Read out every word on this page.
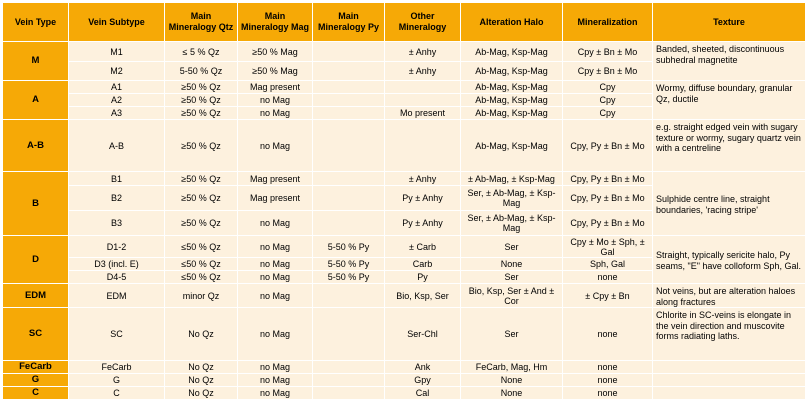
Vein Type	Vein Subtype	Main Mineralogy Qtz	Main Mineralogy Mag	Main Mineralogy Py	Other Mineralogy	Alteration Halo	Mineralization	Texture
M	M1	≤ 5 % Qz	≥50 % Mag		± Anhy	Ab-Mag, Ksp-Mag	Cpy ± Bn ± Mo	Banded, sheeted, discontinuous subhedral magnetite
	M2	5-50 % Qz	≥50 % Mag		± Anhy	Ab-Mag, Ksp-Mag	Cpy ± Bn ± Mo	
A	A1	≥50 % Qz	Mag present			Ab-Mag, Ksp-Mag	Cpy	Wormy, diffuse boundary, granular Qz, ductile
	A2	≥50 % Qz	no Mag			Ab-Mag, Ksp-Mag	Cpy	
	A3	≥50 % Qz	no Mag		Mo present	Ab-Mag, Ksp-Mag	Cpy	
A-B	A-B	≥50 % Qz	no Mag			Ab-Mag, Ksp-Mag	Cpy, Py ± Bn ± Mo	e.g. straight edged vein with sugary texture or wormy, sugary quartz vein with a centreline
B	B1	≥50 % Qz	Mag present		± Anhy	± Ab-Mag, ± Ksp-Mag	Cpy, Py ± Bn ± Mo	Sulphide centre line, straight boundaries, 'racing stripe'
	B2	≥50 % Qz	Mag present		Py ± Anhy	Ser, ± Ab-Mag, ± Ksp-Mag	Cpy, Py ± Bn ± Mo	
	B3	≥50 % Qz	no Mag		Py ± Anhy	Ser, ± Ab-Mag, ± Ksp-Mag	Cpy, Py ± Bn ± Mo	
D	D1-2	≤50 % Qz	no Mag	5-50 % Py	± Carb	Ser	Cpy ± Mo ± Sph, ± Gal	Straight, typically sericite halo, Py seams, "E" have colloform Sph, Gal.
	D3 (incl. E)	≤50 % Qz	no Mag	5-50 % Py	Carb	None	Sph, Gal	
	D4-5	≤50 % Qz	no Mag	5-50 % Py	Py	Ser	none	
EDM	EDM	minor Qz	no Mag		Bio, Ksp, Ser	Bio, Ksp, Ser ± And ± Cor	± Cpy ± Bn	Not veins, but are alteration haloes along fractures
SC	SC	No Qz	no Mag		Ser-Chl	Ser	none	Chlorite in SC-veins is elongate in the vein direction and muscovite forms radiating laths.
FeCarb	FeCarb	No Qz	no Mag		Ank	FeCarb, Mag, Hm	none	
G	G	No Qz	no Mag		Gpy	None	none	
C	C	No Qz	no Mag		Cal	None	none	
